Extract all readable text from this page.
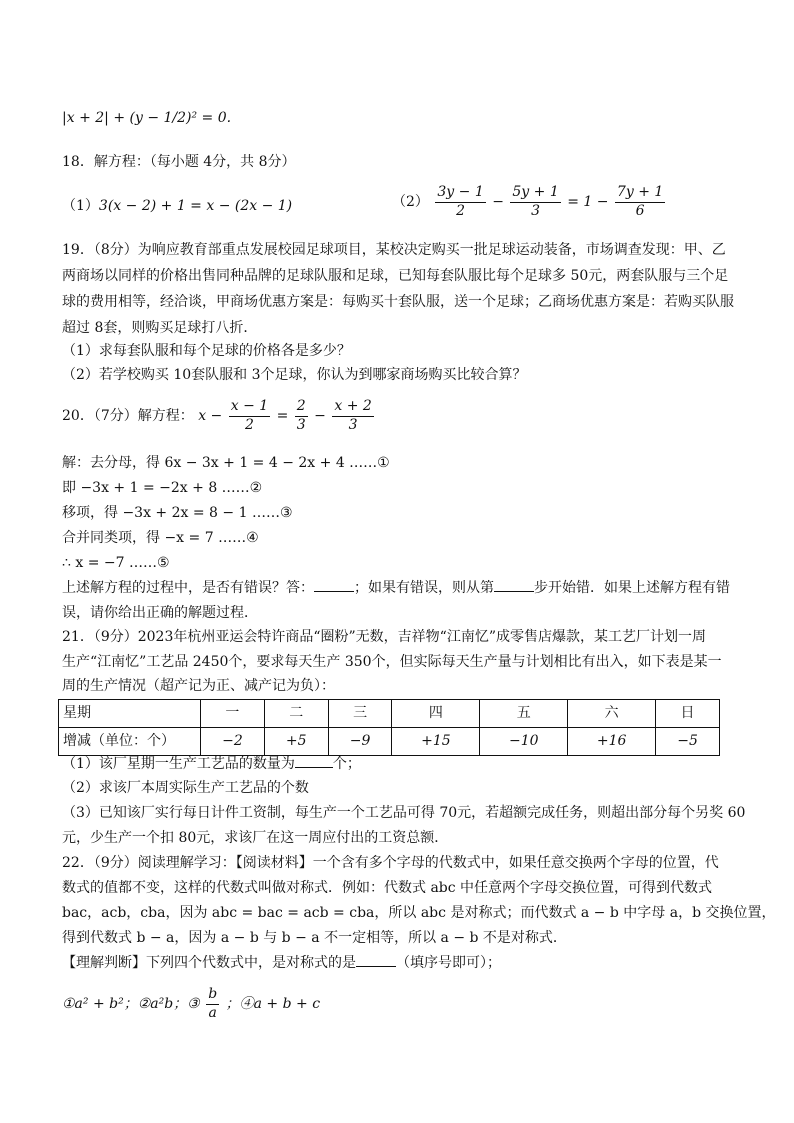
|x + 2| + (y − 1/2)² = 0.
18．解方程：（每小题 4分，共 8分）
（1）3(x − 2) + 1 = x − (2x − 1)	$(2) \frac{3y - 1}{2} - \frac{5y + 1}{3} = 1 - \frac{7y + 1}{6}$
19．（8分）为响应教育部重点发展校园足球项目，某校决定购买一批足球运动装备，市场调查发现：甲、乙
两商场以同样的价格出售同种品牌的足球队服和足球，已知每套队服比每个足球多 50元，两套队服与三个足
球的费用相等，经洽谈，甲商场优惠方案是：每购买十套队服，送一个足球；乙商场优惠方案是：若购买队服
超过 8套，则购买足球打八折．
（1）求每套队服和每个足球的价格各是多少？
（2）若学校购买 10套队服和 3个足球，你认为到哪家商场购买比较合算？
20．（7分）解方程： $x - \frac{x - 1}{2} = \frac{2}{3} - \frac{x + 2}{3}$
解：去分母，得 6x − 3x + 1 = 4 − 2x + 4 ……①
即 −3x + 1 = −2x + 8 ……②
移项，得 −3x + 2x = 8 − 1 ……③
合并同类项，得 −x = 7 ……④
∴ x = −7 ……⑤
上述解方程的过程中，是否有错误？答：	；如果有错误，则从第	步开始错．如果上述解方程有错
误，请你给出正确的解题过程．
21．（9分）2023年杭州亚运会特许商品“圈粉”无数，吉祥物“江南忆”成零售店爆款，某工艺厂计划一周
生产“江南忆”工艺品 2450个，要求每天生产 350个，但实际每天生产量与计划相比有出入，如下表是某一
周的生产情况（超产记为正、减产记为负）：
星期	一	二	三	四	五	六	日
增减（单位：个）	−2	+5	−9	+15	−10	+16	−5
（1）该厂星期一生产工艺品的数量为	个；
（2）求该厂本周实际生产工艺品的个数
（3）已知该厂实行每日计件工资制，每生产一个工艺品可得 70元，若超额完成任务，则超出部分每个另奖 60
元，少生产一个扣 80元，求该厂在这一周应付出的工资总额．
22．（9分）阅读理解学习：【阅读材料】一个含有多个字母的代数式中，如果任意交换两个字母的位置，代
数式的值都不变，这样的代数式叫做对称式．例如：代数式 abc 中任意两个字母交换位置，可得到代数式
bac，acb，cba，因为 abc = bac = acb = cba，所以 abc 是对称式；而代数式 a − b 中字母 a，b 交换位置，
得到代数式 b − a，因为 a − b 与 b − a 不一定相等，所以 a − b 不是对称式．
【理解判断】下列四个代数式中，是对称式的是	（填序号即可）；
①a² + b²；②a²b；③ $\frac{b}{a}$ ；④a + b + c
